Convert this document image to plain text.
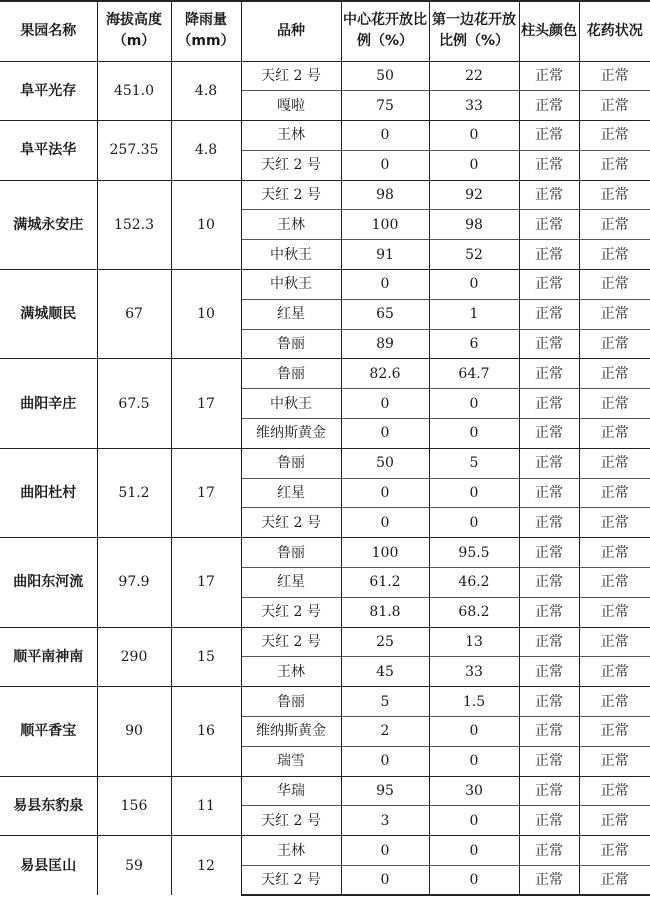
果园名称	海拔高度（m）	降雨量（mm）	品种	中心花开放比例（%）	第一边花开放比例（%）	柱头颜色	花药状况
阜平光存	451.0	4.8	天红 2 号	50	22	正常	正常
			嘎啦	75	33	正常	正常
阜平法华	257.35	4.8	王林	0	0	正常	正常
			天红 2 号	0	0	正常	正常
满城永安庄	152.3	10	天红 2 号	98	92	正常	正常
			王林	100	98	正常	正常
			中秋王	91	52	正常	正常
满城顺民	67	10	中秋王	0	0	正常	正常
			红星	65	1	正常	正常
			鲁丽	89	6	正常	正常
曲阳辛庄	67.5	17	鲁丽	82.6	64.7	正常	正常
			中秋王	0	0	正常	正常
			维纳斯黄金	0	0	正常	正常
曲阳杜村	51.2	17	鲁丽	50	5	正常	正常
			红星	0	0	正常	正常
			天红 2 号	0	0	正常	正常
曲阳东河流	97.9	17	鲁丽	100	95.5	正常	正常
			红星	61.2	46.2	正常	正常
			天红 2 号	81.8	68.2	正常	正常
顺平南神南	290	15	天红 2 号	25	13	正常	正常
			王林	45	33	正常	正常
顺平香宝	90	16	鲁丽	5	1.5	正常	正常
			维纳斯黄金	2	0	正常	正常
			瑞雪	0	0	正常	正常
易县东豹泉	156	11	华瑞	95	30	正常	正常
			天红 2 号	3	0	正常	正常
易县匡山	59	12	王林	0	0	正常	正常
			天红 2 号	0	0	正常	正常
